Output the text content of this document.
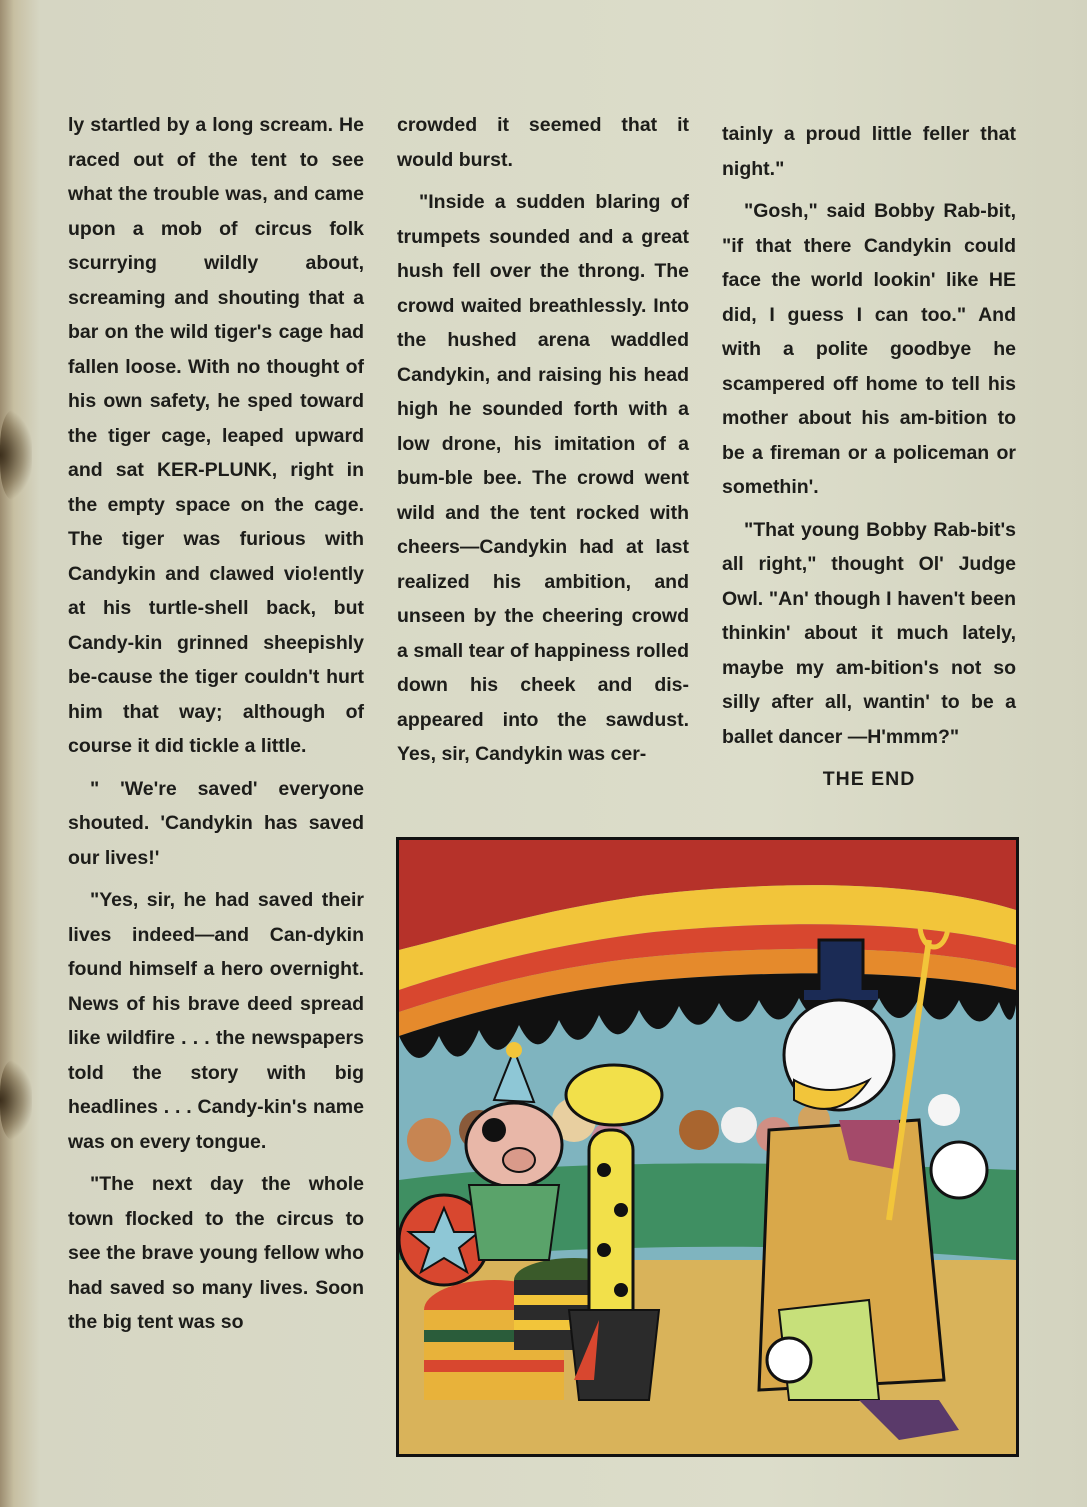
ly startled by a long scream. He raced out of the tent to see what the trouble was, and came upon a mob of circus folk scurrying wildly about, screaming and shouting that a bar on the wild tiger's cage had fallen loose. With no thought of his own safety, he sped toward the tiger cage, leaped upward and sat KER-PLUNK, right in the empty space on the cage. The tiger was furious with Candykin and clawed vio!ently at his turtle-shell back, but Candy-kin grinned sheepishly be-cause the tiger couldn't hurt him that way; although of course it did tickle a little.

" 'We're saved' everyone shouted. 'Candykin has saved our lives!'

"Yes, sir, he had saved their lives indeed—and Can-dykin found himself a hero overnight. News of his brave deed spread like wildfire . . . the newspapers told the story with big headlines . . . Candy-kin's name was on every tongue.

"The next day the whole town flocked to the circus to see the brave young fellow who had saved so many lives. Soon the big tent was so

crowded it seemed that it would burst.

"Inside a sudden blaring of trumpets sounded and a great hush fell over the throng. The crowd waited breathlessly. Into the hushed arena waddled Candykin, and raising his head high he sounded forth with a low drone, his imitation of a bum-ble bee. The crowd went wild and the tent rocked with cheers—Candykin had at last realized his ambition, and unseen by the cheering crowd a small tear of happiness rolled down his cheek and dis-appeared into the sawdust. Yes, sir, Candykin was cer-

tainly a proud little feller that night."

"Gosh," said Bobby Rab-bit, "if that there Candykin could face the world lookin' like HE did, I guess I can too." And with a polite goodbye he scampered off home to tell his mother about his am-bition to be a fireman or a policeman or somethin'.

"That young Bobby Rab-bit's all right," thought Ol' Judge Owl. "An' though I haven't been thinkin' about it much lately, maybe my am-bition's not so silly after all, wantin' to be a ballet dancer —H'mmm?"

THE END
